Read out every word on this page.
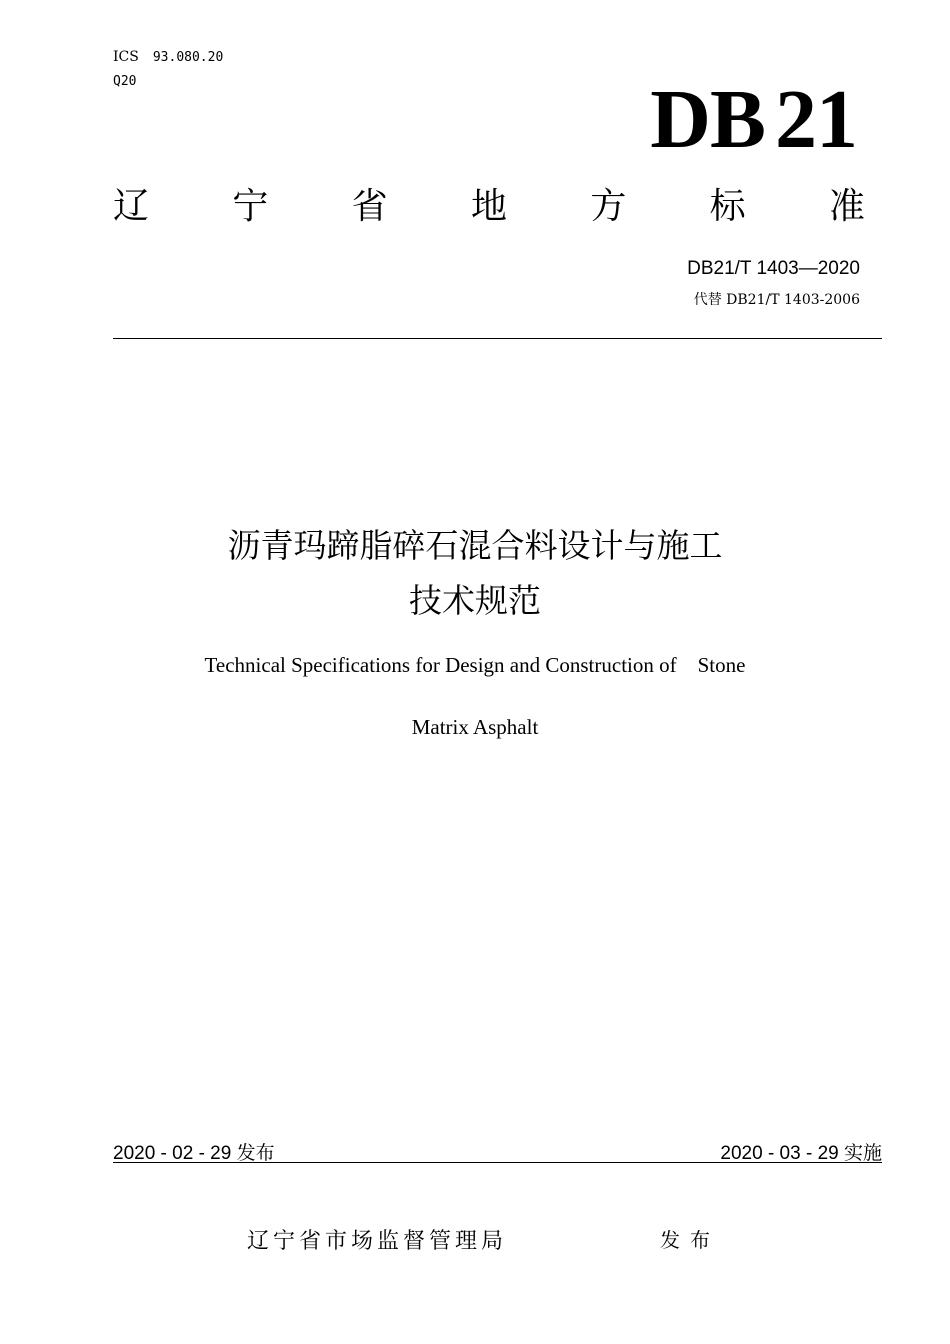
ICS 93.080.20
Q20	DB 21
辽 宁 省 地 方 标 准
DB21/T 1403—2020
代替 DB21/T 1403-2006
沥青玛蹄脂碎石混合料设计与施工
技术规范
Technical Specifications for Design and Construction of    Stone
Matrix Asphalt
2020 - 02 - 29 发布	2020 - 03 - 29 实施
辽宁省市场监督管理局	发布
